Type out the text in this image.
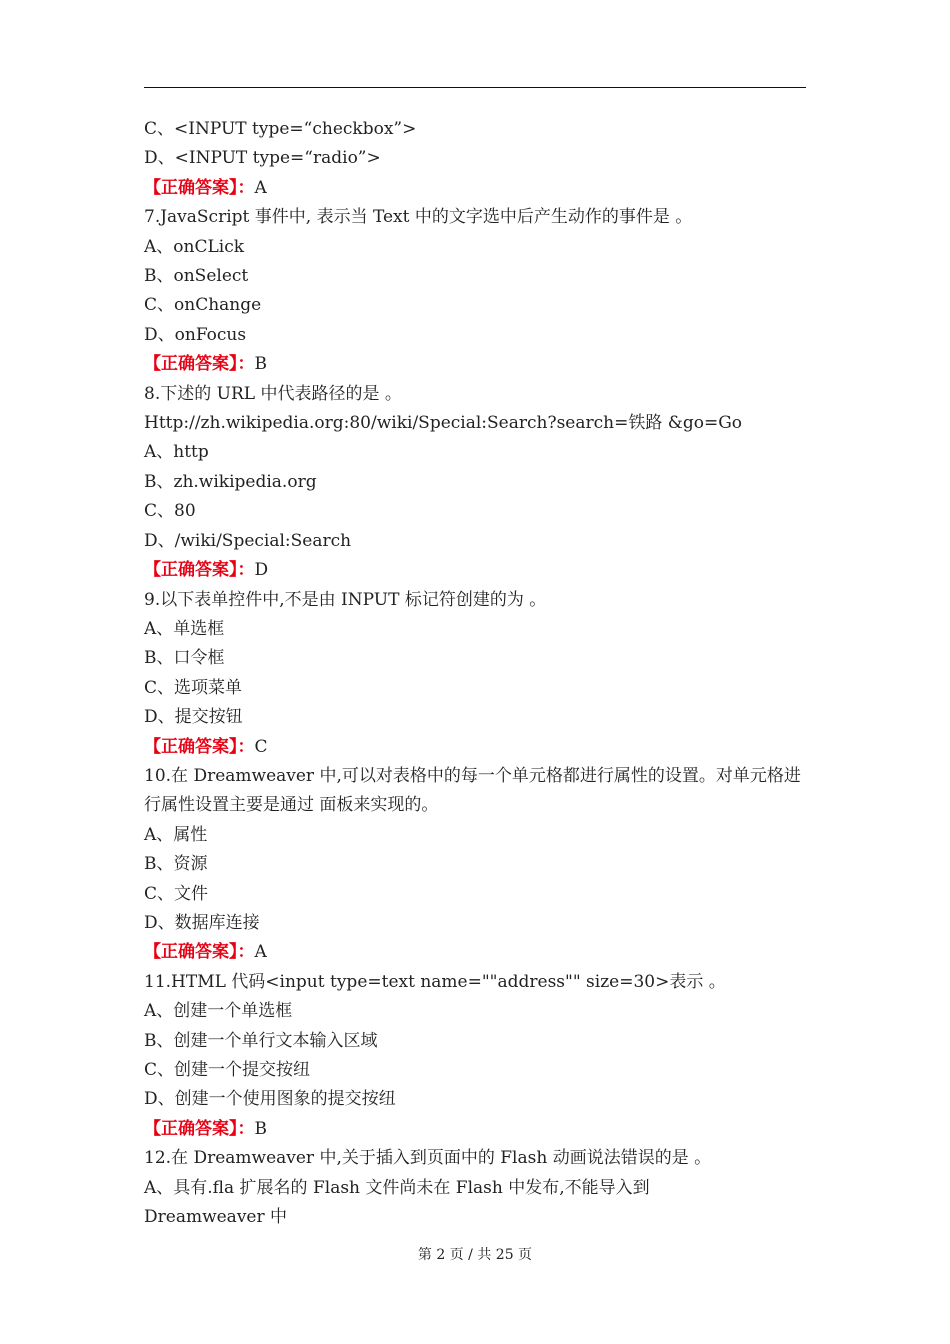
C、<INPUT type=“checkbox”>
D、<INPUT type=“radio”>
【正确答案】：A
7.JavaScript 事件中, 表示当 Text 中的文字选中后产生动作的事件是 。
A、onCLick
B、onSelect
C、onChange
D、onFocus
【正确答案】：B
8.下述的 URL 中代表路径的是 。
Http://zh.wikipedia.org:80/wiki/Special:Search?search=铁路 &go=Go
A、http
B、zh.wikipedia.org
C、80
D、/wiki/Special:Search
【正确答案】：D
9.以下表单控件中,不是由 INPUT 标记符创建的为 。
A、单选框
B、口令框
C、选项菜单
D、提交按钮
【正确答案】：C
10.在 Dreamweaver 中,可以对表格中的每一个单元格都进行属性的设置。对单元格进行属性设置主要是通过 面板来实现的。
A、属性
B、资源
C、文件
D、数据库连接
【正确答案】：A
11.HTML 代码<input type=text name=""address"" size=30>表示 。
A、创建一个单选框
B、创建一个单行文本输入区域
C、创建一个提交按纽
D、创建一个使用图象的提交按纽
【正确答案】：B
12.在 Dreamweaver 中,关于插入到页面中的 Flash 动画说法错误的是 。
A、具有.fla 扩展名的 Flash 文件尚未在 Flash 中发布,不能导入到
Dreamweaver 中
第 2 页 / 共 25 页
